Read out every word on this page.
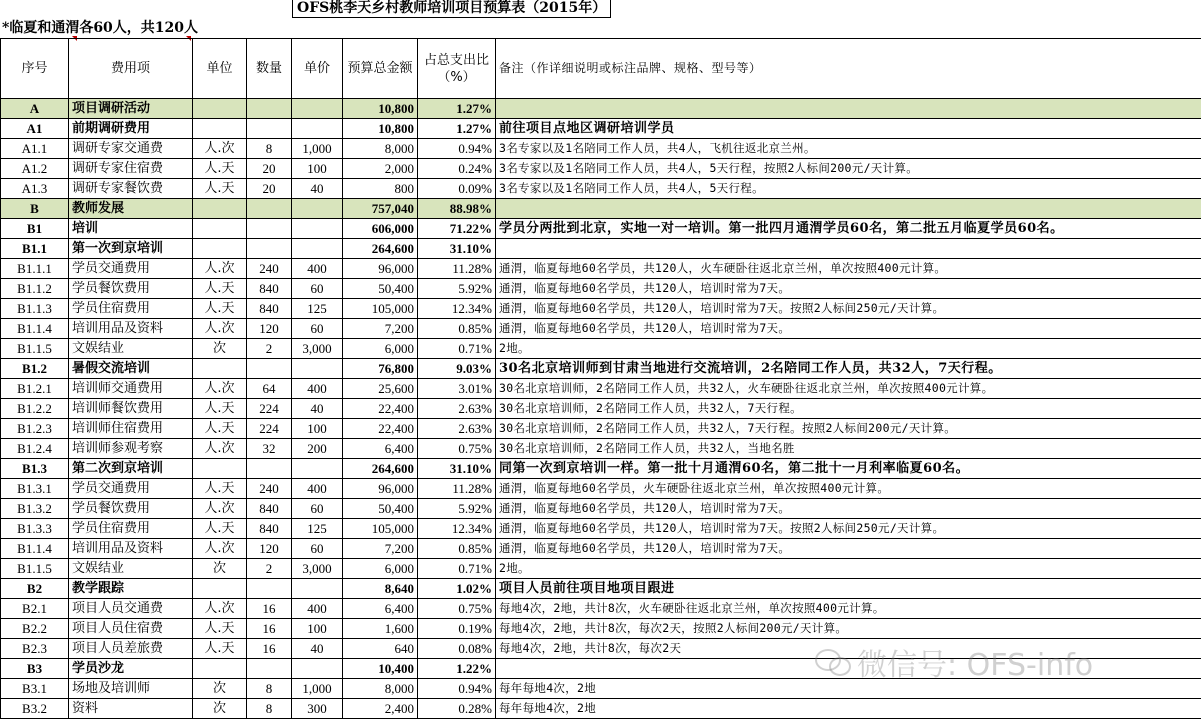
OFS桃李天乡村教师培训项目预算表（2015年）
*临夏和通渭各60人，共120人
序号	费用项	单位	数量	单价	预算总金额	占总支出比（%）	备注（作详细说明或标注品牌、规格、型号等）
A	项目调研活动				10,800	1.27%	
A1	前期调研费用				10,800	1.27%	前往项目点地区调研培训学员
A1.1	调研专家交通费	人.次	8	1,000	8,000	0.94%	3名专家以及1名陪同工作人员，共4人，飞机往返北京兰州。
A1.2	调研专家住宿费	人.天	20	100	2,000	0.24%	3名专家以及1名陪同工作人员，共4人，5天行程，按照2人标间200元/天计算。
A1.3	调研专家餐饮费	人.天	20	40	800	0.09%	3名专家以及1名陪同工作人员，共4人，5天行程。
B	教师发展				757,040	88.98%	
B1	培训				606,000	71.22%	学员分两批到北京，实地一对一培训。第一批四月通渭学员60名，第二批五月临夏学员60名。
B1.1	第一次到京培训				264,600	31.10%	
B1.1.1	学员交通费用	人.次	240	400	96,000	11.28%	通渭，临夏每地60名学员，共120人，火车硬卧往返北京兰州，单次按照400元计算。
B1.1.2	学员餐饮费用	人.天	840	60	50,400	5.92%	通渭，临夏每地60名学员，共120人，培训时常为7天。
B1.1.3	学员住宿费用	人.天	840	125	105,000	12.34%	通渭，临夏每地60名学员，共120人，培训时常为7天。按照2人标间250元/天计算。
B1.1.4	培训用品及资料	人.次	120	60	7,200	0.85%	通渭，临夏每地60名学员，共120人，培训时常为7天。
B1.1.5	文娱结业	次	2	3,000	6,000	0.71%	2地。
B1.2	暑假交流培训				76,800	9.03%	30名北京培训师到甘肃当地进行交流培训，2名陪同工作人员，共32人，7天行程。
B1.2.1	培训师交通费用	人.次	64	400	25,600	3.01%	30名北京培训师，2名陪同工作人员，共32人，火车硬卧往返北京兰州，单次按照400元计算。
B1.2.2	培训师餐饮费用	人.天	224	40	22,400	2.63%	30名北京培训师，2名陪同工作人员，共32人，7天行程。
B1.2.3	培训师住宿费用	人.天	224	100	22,400	2.63%	30名北京培训师，2名陪同工作人员，共32人，7天行程。按照2人标间200元/天计算。
B1.2.4	培训师参观考察	人.次	32	200	6,400	0.75%	30名北京培训师，2名陪同工作人员，共32人，当地名胜
B1.3	第二次到京培训				264,600	31.10%	同第一次到京培训一样。第一批十月通渭60名，第二批十一月利率临夏60名。
B1.3.1	学员交通费用	人.天	240	400	96,000	11.28%	通渭，临夏每地60名学员，火车硬卧往返北京兰州，单次按照400元计算。
B1.3.2	学员餐饮费用	人.次	840	60	50,400	5.92%	通渭，临夏每地60名学员，共120人，培训时常为7天。
B1.3.3	学员住宿费用	人.天	840	125	105,000	12.34%	通渭，临夏每地60名学员，共120人，培训时常为7天。按照2人标间250元/天计算。
B1.1.4	培训用品及资料	人.次	120	60	7,200	0.85%	通渭，临夏每地60名学员，共120人，培训时常为7天。
B1.1.5	文娱结业	次	2	3,000	6,000	0.71%	2地。
B2	教学跟踪				8,640	1.02%	项目人员前往项目地项目跟进
B2.1	项目人员交通费	人.次	16	400	6,400	0.75%	每地4次，2地，共计8次，火车硬卧往返北京兰州，单次按照400元计算。
B2.2	项目人员住宿费	人.天	16	100	1,600	0.19%	每地4次，2地，共计8次，每次2天，按照2人标间200元/天计算。
B2.3	项目人员差旅费	人.天	16	40	640	0.08%	每地4次，2地，共计8次，每次2天
B3	学员沙龙				10,400	1.22%	
B3.1	场地及培训师	次	8	1,000	8,000	0.94%	每年每地4次，2地
B3.2	资料	次	8	300	2,400	0.28%	每年每地4次，2地
微信号: OFS-info
